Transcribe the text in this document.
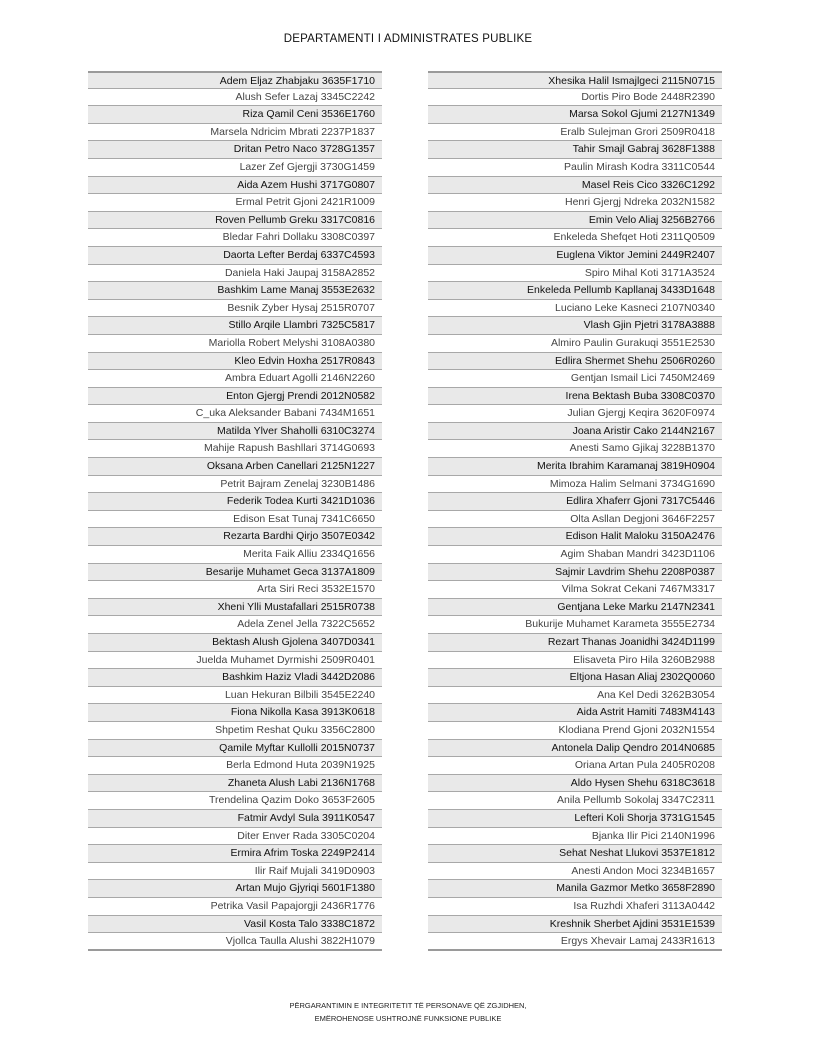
DEPARTAMENTI I ADMINISTRATES PUBLIKE
Adem Eljaz Zhabjaku 3635F1710
Alush Sefer Lazaj 3345C2242
Riza Qamil Ceni 3536E1760
Marsela Ndricim Mbrati 2237P1837
Dritan Petro Naco 3728G1357
Lazer Zef Gjergji 3730G1459
Aida Azem Hushi 3717G0807
Ermal Petrit Gjoni 2421R1009
Roven Pellumb Greku 3317C0816
Bledar Fahri Dollaku 3308C0397
Daorta Lefter Berdaj 6337C4593
Daniela Haki Jaupaj 3158A2852
Bashkim Lame Manaj 3553E2632
Besnik Zyber Hysaj 2515R0707
Stillo Arqile Llambri 7325C5817
Mariolla Robert Melyshi 3108A0380
Kleo Edvin Hoxha 2517R0843
Ambra Eduart Agolli 2146N2260
Enton Gjergj Prendi 2012N0582
C_uka Aleksander Babani 7434M1651
Matilda Ylver Shaholli 6310C3274
Mahije Rapush Bashllari 3714G0693
Oksana Arben Canellari 2125N1227
Petrit Bajram Zenelaj 3230B1486
Federik Todea Kurti 3421D1036
Edison Esat Tunaj 7341C6650
Rezarta Bardhi Qirjo 3507E0342
Merita Faik Alliu 2334Q1656
Besarije Muhamet Geca 3137A1809
Arta Siri Reci 3532E1570
Xheni Ylli Mustafallari 2515R0738
Adela Zenel Jella 7322C5652
Bektash Alush Gjolena 3407D0341
Juelda Muhamet Dyrmishi 2509R0401
Bashkim Haziz Vladi 3442D2086
Luan Hekuran Bilbili 3545E2240
Fiona Nikolla Kasa 3913K0618
Shpetim Reshat Quku 3356C2800
Qamile Myftar Kullolli 2015N0737
Berla Edmond Huta 2039N1925
Zhaneta Alush Labi 2136N1768
Trendelina Qazim Doko 3653F2605
Fatmir Avdyl Sula 3911K0547
Diter Enver Rada 3305C0204
Ermira Afrim Toska 2249P2414
Ilir Raif Mujali 3419D0903
Artan Mujo Gjyriqi 5601F1380
Petrika Vasil Papajorgji 2436R1776
Vasil Kosta Talo 3338C1872
Vjollca Taulla Alushi 3822H1079
Xhesika Halil Ismajlgeci 2115N0715
Dortis Piro Bode 2448R2390
Marsa Sokol Gjumi 2127N1349
Eralb Sulejman Grori 2509R0418
Tahir Smajl Gabraj 3628F1388
Paulin Mirash Kodra 3311C0544
Masel Reis Cico 3326C1292
Henri Gjergj Ndreka 2032N1582
Emin Velo Aliaj 3256B2766
Enkeleda Shefqet Hoti 2311Q0509
Euglena Viktor Jemini 2449R2407
Spiro Mihal Koti 3171A3524
Enkeleda Pellumb Kapllanaj 3433D1648
Luciano Leke Kasneci 2107N0340
Vlash Gjin Pjetri 3178A3888
Almiro Paulin Gurakuqi 3551E2530
Edlira Shermet Shehu 2506R0260
Gentjan Ismail Lici 7450M2469
Irena Bektash Buba 3308C0370
Julian Gjergj Keqira 3620F0974
Joana Aristir Cako 2144N2167
Anesti Samo Gjikaj 3228B1370
Merita Ibrahim Karamanaj 3819H0904
Mimoza Halim Selmani 3734G1690
Edlira Xhaferr Gjoni 7317C5446
Olta Asllan Degjoni 3646F2257
Edison Halit Maloku 3150A2476
Agim Shaban Mandri 3423D1106
Sajmir Lavdrim Shehu 2208P0387
Vilma Sokrat Cekani 7467M3317
Gentjana Leke Marku 2147N2341
Bukurije Muhamet Karameta 3555E2734
Rezart Thanas Joanidhi 3424D1199
Elisaveta Piro Hila 3260B2988
Eltjona Hasan Aliaj 2302Q0060
Ana Kel Dedi 3262B3054
Aida Astrit Hamiti 7483M4143
Klodiana Prend Gjoni 2032N1554
Antonela Dalip Qendro 2014N0685
Oriana Artan Pula 2405R0208
Aldo Hysen Shehu 6318C3618
Anila Pellumb Sokolaj 3347C2311
Lefteri Koli Shorja 3731G1545
Bjanka Ilir Pici 2140N1996
Sehat Neshat Llukovi 3537E1812
Anesti Andon Moci 3234B1657
Manila Gazmor Metko 3658F2890
Isa Ruzhdi Xhaferi 3113A0442
Kreshnik Sherbet Ajdini 3531E1539
Ergys Xhevair Lamaj 2433R1613
PËRGARANTIMIN E INTEGRITETIT TË PERSONAVE QË ZGJIDHEN,
EMËROHENOSE USHTROJNË FUNKSIONE PUBLIKE
